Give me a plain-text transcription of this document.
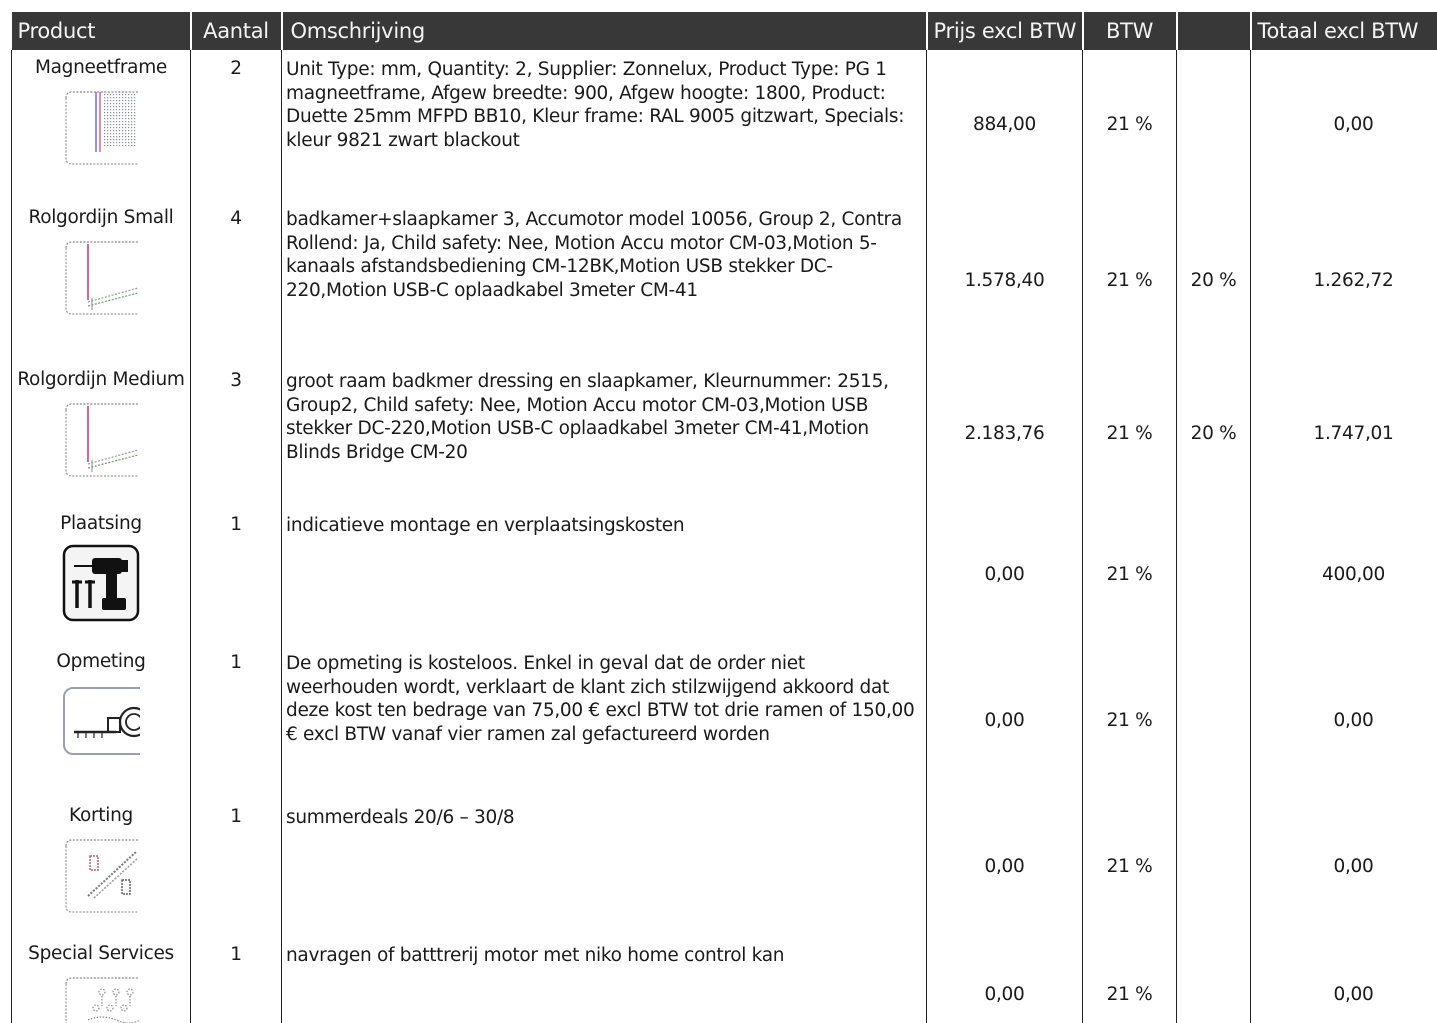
Product	Aantal	Omschrijving	Prijs excl BTW	BTW		Totaal excl BTW

Magneetframe	2	Unit Type: mm, Quantity: 2, Supplier: Zonnelux, Product Type: PG 1 magneetframe, Afgew breedte: 900, Afgew hoogte: 1800, Product: Duette 25mm MFPD BB10, Kleur frame: RAL 9005 gitzwart, Specials: kleur 9821 zwart blackout	884,00	21 %		0,00

Rolgordijn Small	4	badkamer+slaapkamer 3, Accumotor model 10056, Group 2, Contra Rollend: Ja, Child safety: Nee, Motion Accu motor CM-03,Motion 5-kanaals afstandsbediening CM-12BK,Motion USB stekker DC-220,Motion USB-C oplaadkabel 3meter CM-41	1.578,40	21 %	20 %	1.262,72

Rolgordijn Medium	3	groot raam badkmer dressing en slaapkamer, Kleurnummer: 2515, Group2, Child safety: Nee, Motion Accu motor CM-03,Motion USB stekker DC-220,Motion USB-C oplaadkabel 3meter CM-41,Motion Blinds Bridge CM-20	2.183,76	21 %	20 %	1.747,01

Plaatsing	1	indicatieve montage en verplaatsingskosten	0,00	21 %		400,00

Opmeting	1	De opmeting is kosteloos. Enkel in geval dat de order niet weerhouden wordt, verklaart de klant zich stilzwijgend akkoord dat deze kost ten bedrage van 75,00 € excl BTW tot drie ramen of 150,00 € excl BTW vanaf vier ramen zal gefactureerd worden	0,00	21 %		0,00

Korting	1	summerdeals 20/6 – 30/8	0,00	21 %		0,00

Special Services	1	navragen of batttrerij motor met niko home control kan	0,00	21 %		0,00
